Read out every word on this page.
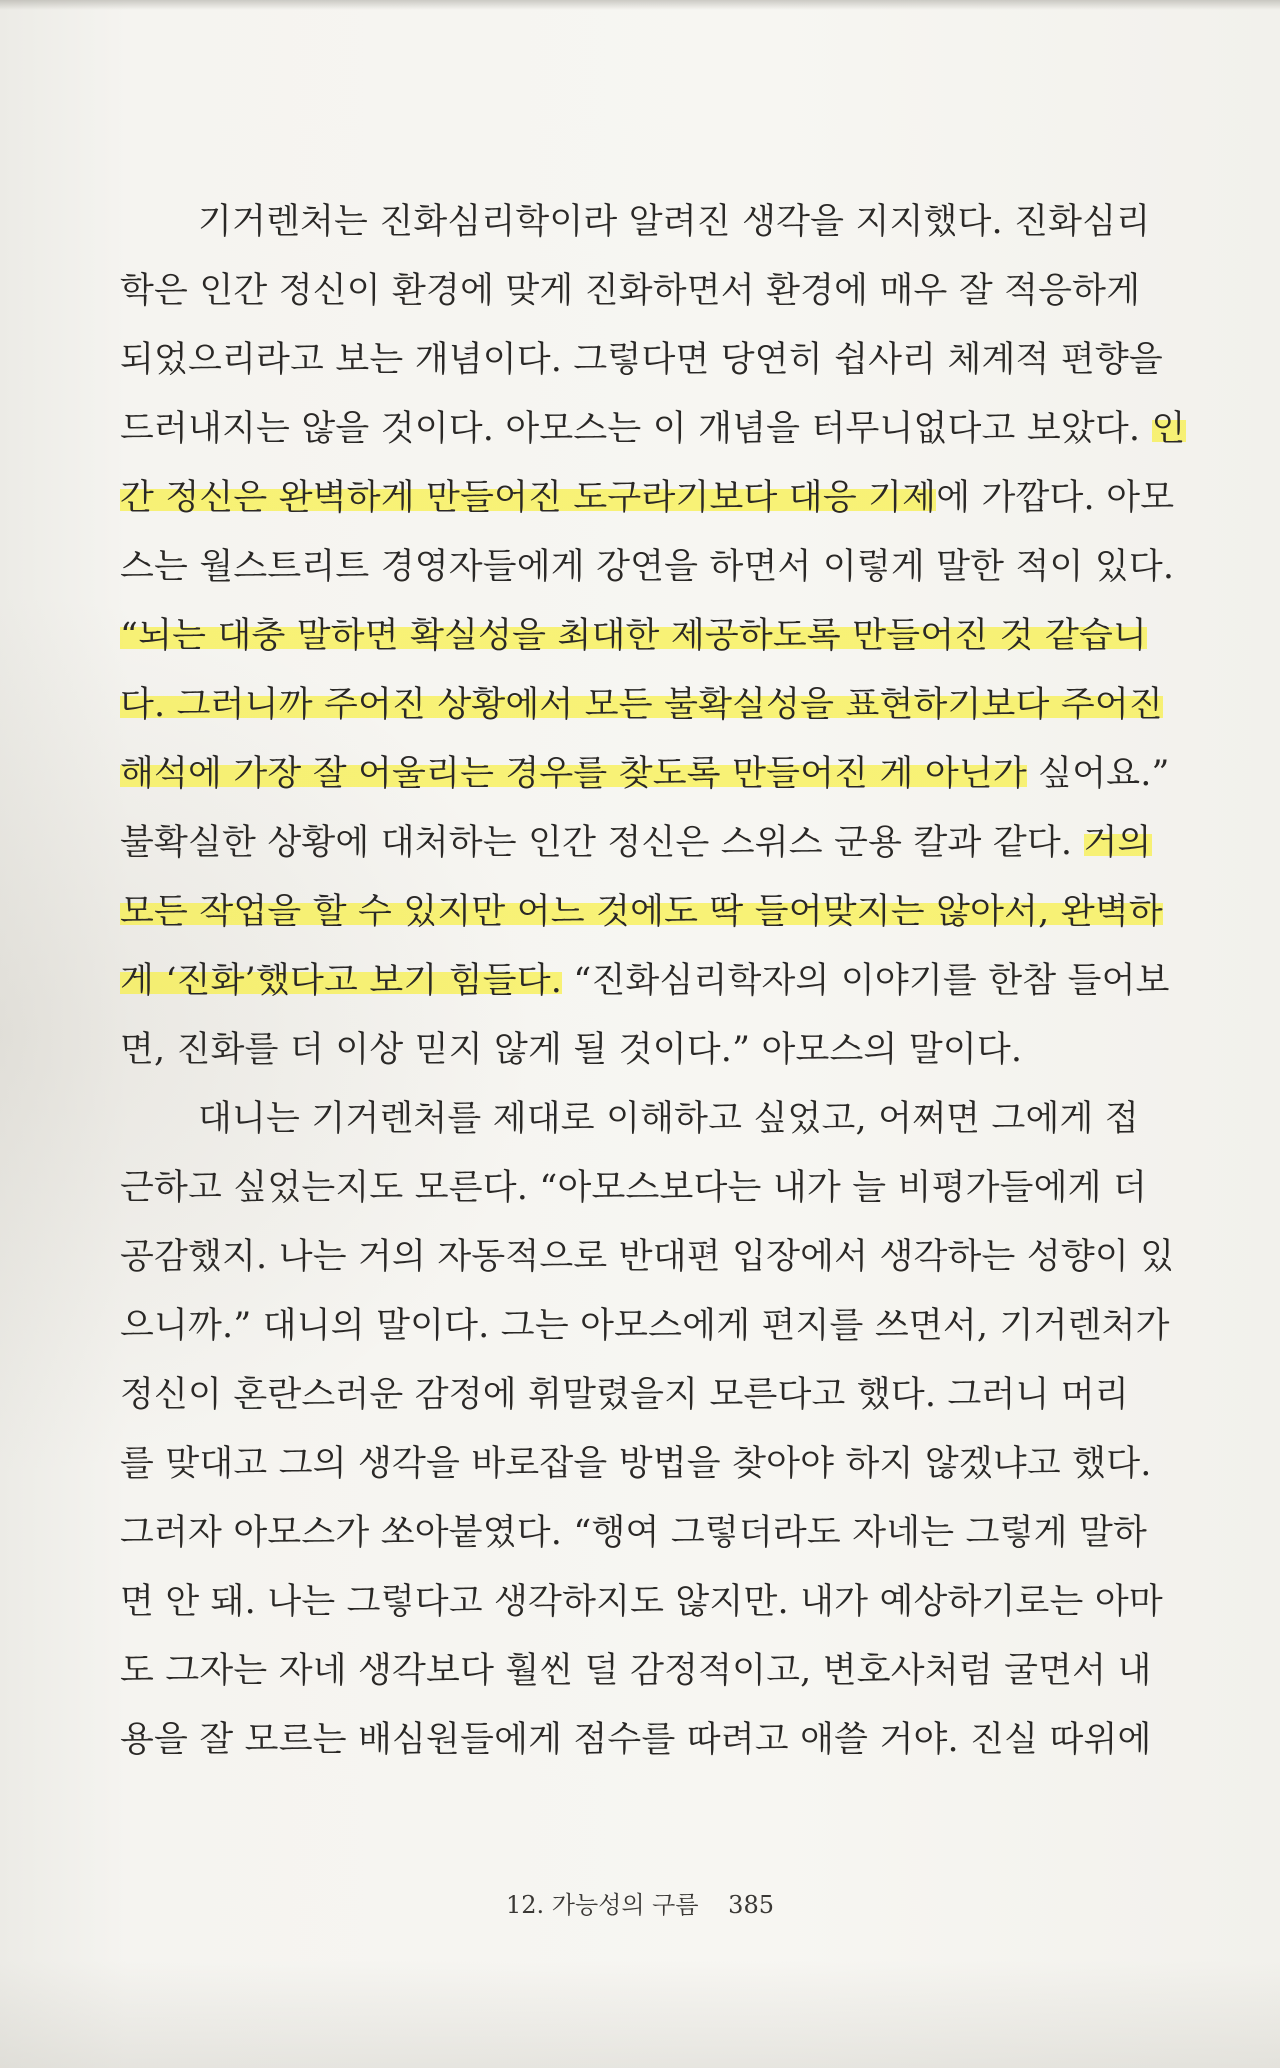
기거렌처는 진화심리학이라 알려진 생각을 지지했다. 진화심리
학은 인간 정신이 환경에 맞게 진화하면서 환경에 매우 잘 적응하게
되었으리라고 보는 개념이다. 그렇다면 당연히 쉽사리 체계적 편향을
드러내지는 않을 것이다. 아모스는 이 개념을 터무니없다고 보았다. 인
간 정신은 완벽하게 만들어진 도구라기보다 대응 기제에 가깝다. 아모
스는 월스트리트 경영자들에게 강연을 하면서 이렇게 말한 적이 있다.
“뇌는 대충 말하면 확실성을 최대한 제공하도록 만들어진 것 같습니
다. 그러니까 주어진 상황에서 모든 불확실성을 표현하기보다 주어진
해석에 가장 잘 어울리는 경우를 찾도록 만들어진 게 아닌가 싶어요.”
불확실한 상황에 대처하는 인간 정신은 스위스 군용 칼과 같다. 거의
모든 작업을 할 수 있지만 어느 것에도 딱 들어맞지는 않아서, 완벽하
게 ‘진화’했다고 보기 힘들다. “진화심리학자의 이야기를 한참 들어보
면, 진화를 더 이상 믿지 않게 될 것이다.” 아모스의 말이다.
대니는 기거렌처를 제대로 이해하고 싶었고, 어쩌면 그에게 접
근하고 싶었는지도 모른다. “아모스보다는 내가 늘 비평가들에게 더
공감했지. 나는 거의 자동적으로 반대편 입장에서 생각하는 성향이 있
으니까.” 대니의 말이다. 그는 아모스에게 편지를 쓰면서, 기거렌처가
정신이 혼란스러운 감정에 휘말렸을지 모른다고 했다. 그러니 머리
를 맞대고 그의 생각을 바로잡을 방법을 찾아야 하지 않겠냐고 했다.
그러자 아모스가 쏘아붙였다. “행여 그렇더라도 자네는 그렇게 말하
면 안 돼. 나는 그렇다고 생각하지도 않지만. 내가 예상하기로는 아마
도 그자는 자네 생각보다 훨씬 덜 감정적이고, 변호사처럼 굴면서 내
용을 잘 모르는 배심원들에게 점수를 따려고 애쓸 거야. 진실 따위에
12. 가능성의 구름 385
